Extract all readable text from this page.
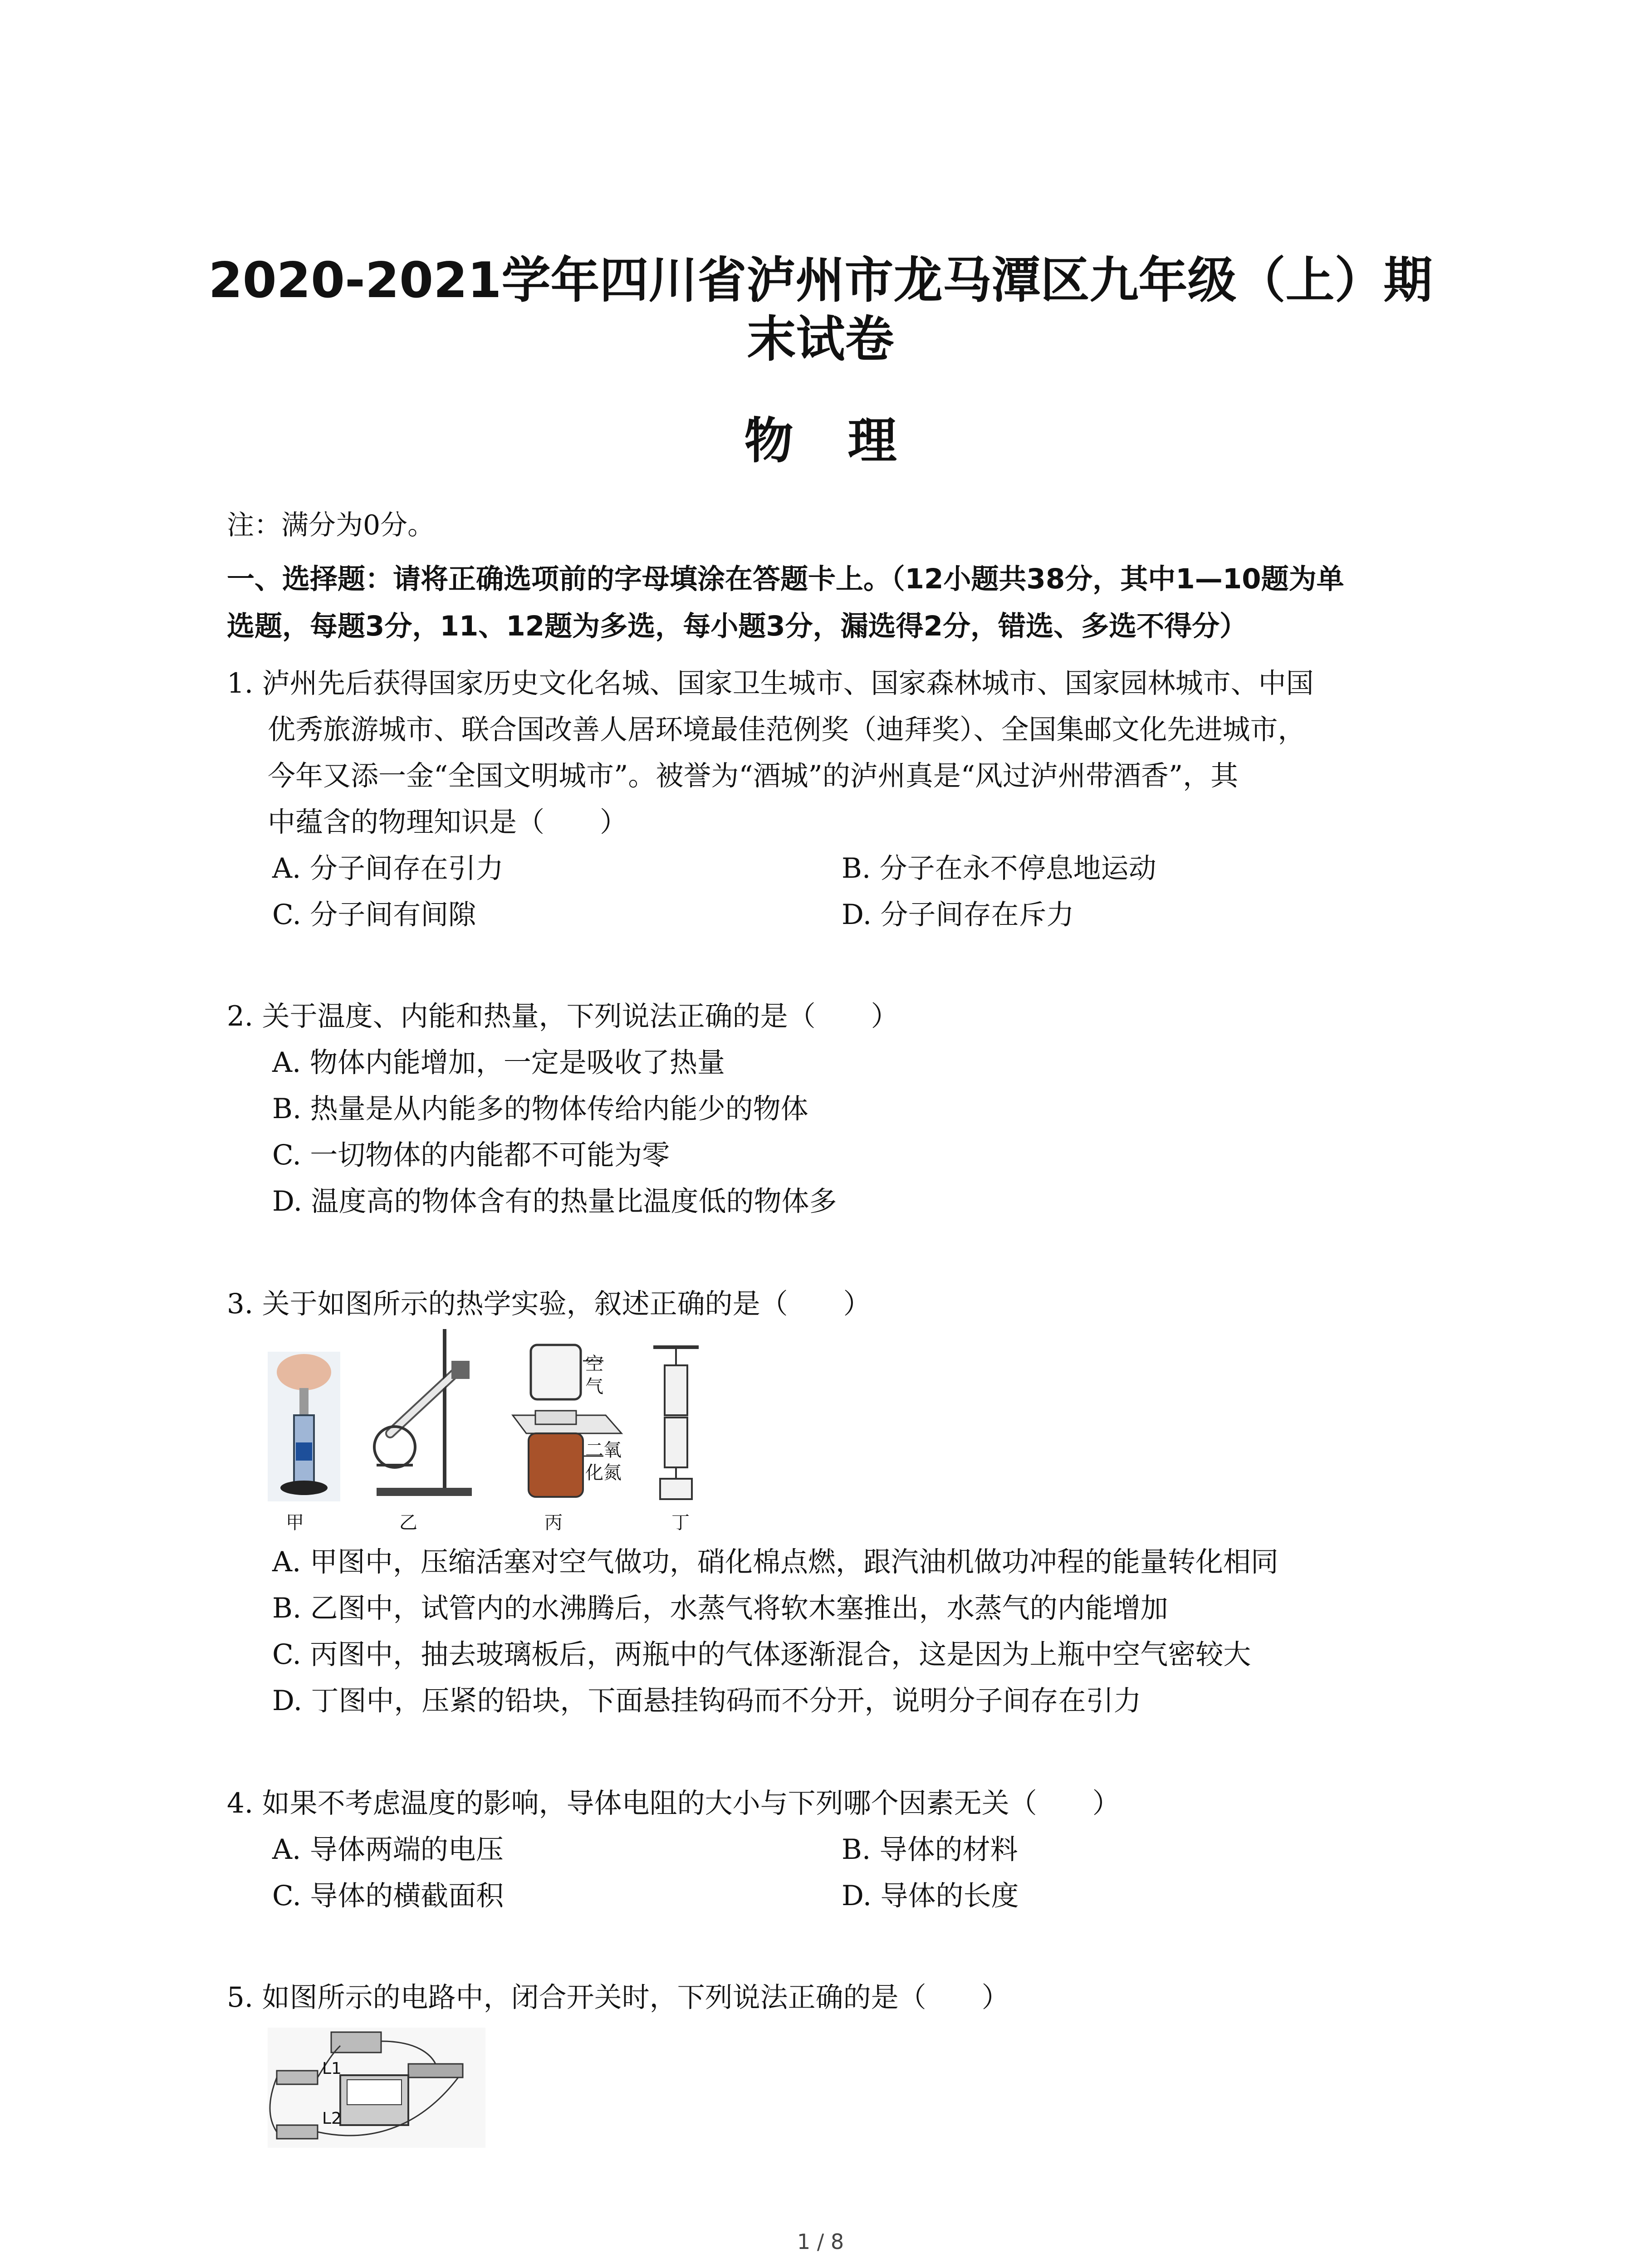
2020-2021学年四川省泸州市龙马潭区九年级（上）期
末试卷
物理
注：满分为0分。
一、选择题：请将正确选项前的字母填涂在答题卡上。（12小题共38分，其中1—10题为单
选题，每题3分，11、12题为多选，每小题3分，漏选得2分，错选、多选不得分）
1. 泸州先后获得国家历史文化名城、国家卫生城市、国家森林城市、国家园林城市、中国
优秀旅游城市、联合国改善人居环境最佳范例奖（迪拜奖）、全国集邮文化先进城市，
今年又添一金“全国文明城市”。被誉为“酒城”的泸州真是“风过泸州带酒香”，其
中蕴含的物理知识是（　　）
A. 分子间存在引力	B. 分子在永不停息地运动
C. 分子间有间隙	D. 分子间存在斥力
2. 关于温度、内能和热量，下列说法正确的是（　　）
A. 物体内能增加，一定是吸收了热量
B. 热量是从内能多的物体传给内能少的物体
C. 一切物体的内能都不可能为零
D. 温度高的物体含有的热量比温度低的物体多
3. 关于如图所示的热学实验，叙述正确的是（　　）
空
气
二氧
化氮
甲	乙	丙	丁
A. 甲图中，压缩活塞对空气做功，硝化棉点燃，跟汽油机做功冲程的能量转化相同
B. 乙图中，试管内的水沸腾后，水蒸气将软木塞推出，水蒸气的内能增加
C. 丙图中，抽去玻璃板后，两瓶中的气体逐渐混合，这是因为上瓶中空气密较大
D. 丁图中，压紧的铅块，下面悬挂钩码而不分开，说明分子间存在引力
4. 如果不考虑温度的影响，导体电阻的大小与下列哪个因素无关（　　）
A. 导体两端的电压	B. 导体的材料
C. 导体的横截面积	D. 导体的长度
5. 如图所示的电路中，闭合开关时，下列说法正确的是（　　）
L1
L2
1 / 8
